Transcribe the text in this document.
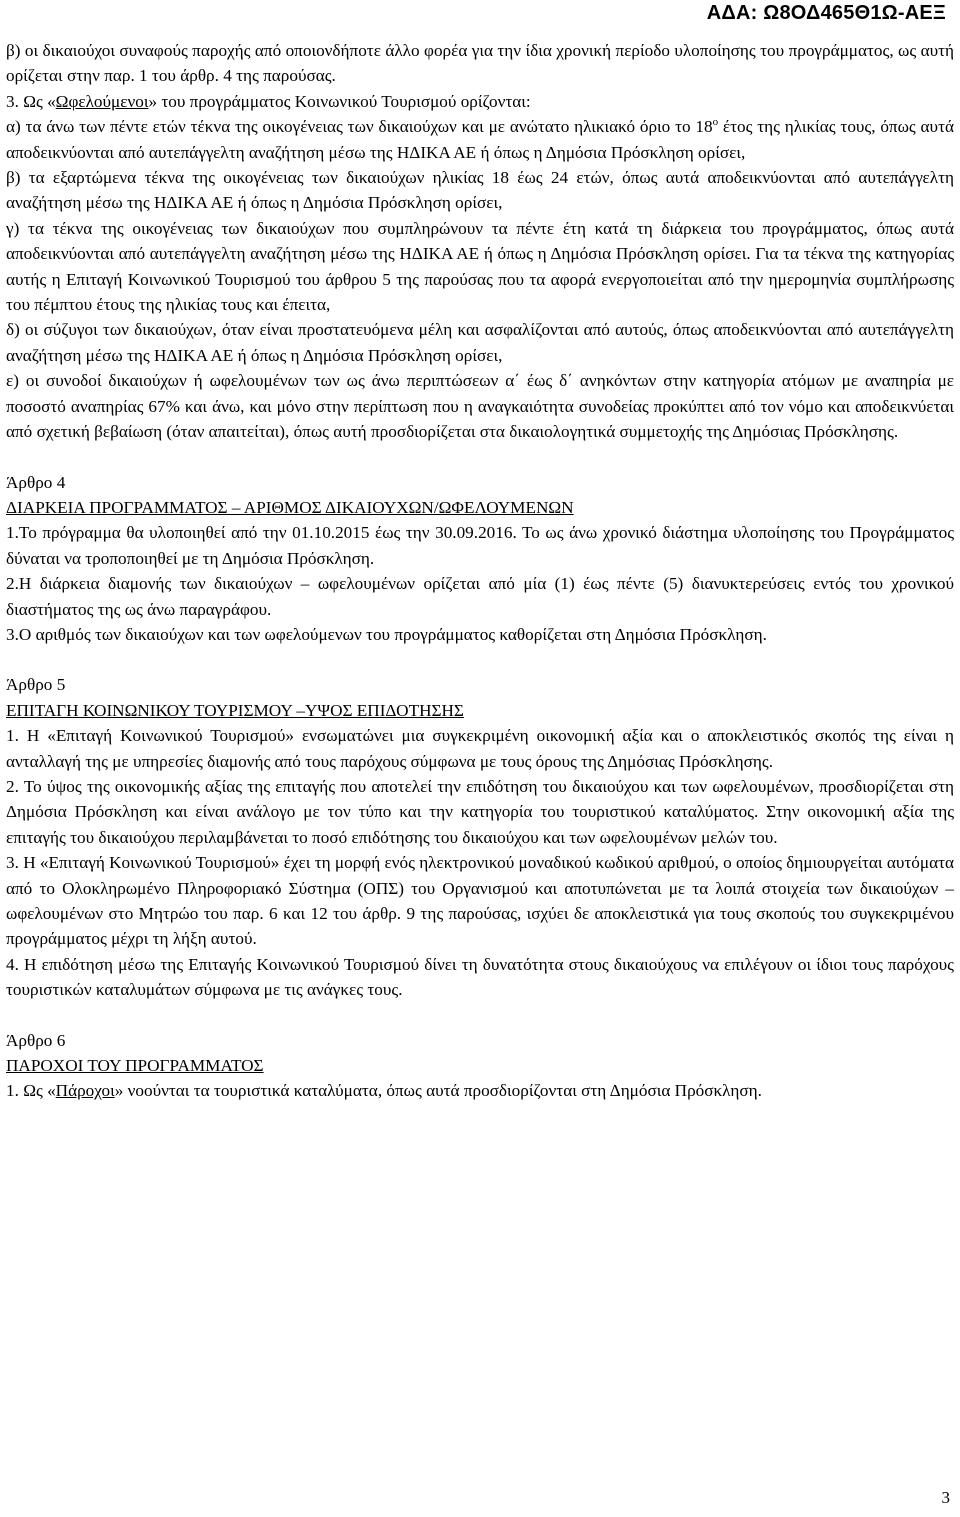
ΑΔΑ: Ω8ΟΔ465Θ1Ω-ΑΕΞ

β) οι δικαιούχοι συναφούς παροχής από οποιονδήποτε άλλο φορέα για την ίδια χρονική περίοδο υλοποίησης του προγράμματος, ως αυτή ορίζεται στην παρ. 1 του άρθρ. 4 της παρούσας.

3. Ως «Ωφελούμενοι» του προγράμματος Κοινωνικού Τουρισμού ορίζονται:

α) τα άνω των πέντε ετών τέκνα της οικογένειας των δικαιούχων και με ανώτατο ηλικιακό όριο το $18^o$ έτος της ηλικίας τους, όπως αυτά αποδεικνύονται από αυτεπάγγελτη αναζήτηση μέσω της ΗΔΙΚΑ ΑΕ ή όπως η Δημόσια Πρόσκληση ορίσει,

β) τα εξαρτώμενα τέκνα της οικογένειας των δικαιούχων ηλικίας 18 έως 24 ετών, όπως αυτά αποδεικνύονται από αυτεπάγγελτη αναζήτηση μέσω της ΗΔΙΚΑ ΑΕ ή όπως η Δημόσια Πρόσκληση ορίσει,

γ) τα τέκνα της οικογένειας των δικαιούχων που συμπληρώνουν τα πέντε έτη κατά τη διάρκεια του προγράμματος, όπως αυτά αποδεικνύονται από αυτεπάγγελτη αναζήτηση μέσω της ΗΔΙΚΑ ΑΕ ή όπως η Δημόσια Πρόσκληση ορίσει. Για τα τέκνα της κατηγορίας αυτής η Επιταγή Κοινωνικού Τουρισμού του άρθρου 5 της παρούσας που τα αφορά ενεργοποιείται από την ημερομηνία συμπλήρωσης του πέμπτου έτους της ηλικίας τους και έπειτα,

δ) οι σύζυγοι των δικαιούχων, όταν είναι προστατευόμενα μέλη και ασφαλίζονται από αυτούς, όπως αποδεικνύονται από αυτεπάγγελτη αναζήτηση μέσω της ΗΔΙΚΑ ΑΕ ή όπως η Δημόσια Πρόσκληση ορίσει,

ε) οι συνοδοί δικαιούχων ή ωφελουμένων των ως άνω περιπτώσεων α΄ έως δ΄ ανηκόντων στην κατηγορία ατόμων με αναπηρία με ποσοστό αναπηρίας 67% και άνω, και μόνο στην περίπτωση που η αναγκαιότητα συνοδείας προκύπτει από τον νόμο και αποδεικνύεται από σχετική βεβαίωση (όταν απαιτείται), όπως αυτή προσδιορίζεται στα δικαιολογητικά συμμετοχής της Δημόσιας Πρόσκλησης.

Άρθρο 4

ΔΙΑΡΚΕΙΑ ΠΡΟΓΡΑΜΜΑΤΟΣ – ΑΡΙΘΜΟΣ ΔΙΚΑΙΟΥΧΩΝ/ΩΦΕΛΟΥΜΕΝΩΝ

1.Το πρόγραμμα θα υλοποιηθεί από την 01.10.2015 έως την 30.09.2016. Το ως άνω χρονικό διάστημα υλοποίησης του Προγράμματος δύναται να τροποποιηθεί με τη Δημόσια Πρόσκληση.

2.Η διάρκεια διαμονής των δικαιούχων – ωφελουμένων ορίζεται από μία (1) έως πέντε (5) διανυκτερεύσεις εντός του χρονικού διαστήματος της ως άνω παραγράφου.

3.Ο αριθμός των δικαιούχων και των ωφελούμενων του προγράμματος καθορίζεται στη Δημόσια Πρόσκληση.

Άρθρο 5

ΕΠΙΤΑΓΗ ΚΟΙΝΩΝΙΚΟΥ ΤΟΥΡΙΣΜΟΥ –ΥΨΟΣ ΕΠΙΔΟΤΗΣΗΣ

1. Η «Επιταγή Κοινωνικού Τουρισμού» ενσωματώνει μια συγκεκριμένη οικονομική αξία και ο αποκλειστικός σκοπός της είναι η ανταλλαγή της με υπηρεσίες διαμονής από τους παρόχους σύμφωνα με τους όρους της Δημόσιας Πρόσκλησης.

2. Το ύψος της οικονομικής αξίας της επιταγής που αποτελεί την επιδότηση του δικαιούχου και των ωφελουμένων, προσδιορίζεται στη Δημόσια Πρόσκληση και είναι ανάλογο με τον τύπο και την κατηγορία του τουριστικού καταλύματος. Στην οικονομική αξία της επιταγής του δικαιούχου περιλαμβάνεται το ποσό επιδότησης του δικαιούχου και των ωφελουμένων μελών του.

3. Η «Επιταγή Κοινωνικού Τουρισμού» έχει τη μορφή ενός ηλεκτρονικού μοναδικού κωδικού αριθμού, ο οποίος δημιουργείται αυτόματα από το Ολοκληρωμένο Πληροφοριακό Σύστημα (ΟΠΣ) του Οργανισμού και αποτυπώνεται με τα λοιπά στοιχεία των δικαιούχων – ωφελουμένων στο Μητρώο του παρ. 6 και 12 του άρθρ. 9 της παρούσας, ισχύει δε αποκλειστικά για τους σκοπούς του συγκεκριμένου προγράμματος μέχρι τη λήξη αυτού.

4. Η επιδότηση μέσω της Επιταγής Κοινωνικού Τουρισμού δίνει τη δυνατότητα στους δικαιούχους να επιλέγουν οι ίδιοι τους παρόχους τουριστικών καταλυμάτων σύμφωνα με τις ανάγκες τους.

Άρθρο 6

ΠΑΡΟΧΟΙ ΤΟΥ ΠΡΟΓΡΑΜΜΑΤΟΣ

1. Ως «Πάροχοι» νοούνται τα τουριστικά καταλύματα, όπως αυτά προσδιορίζονται στη Δημόσια Πρόσκληση.

3
